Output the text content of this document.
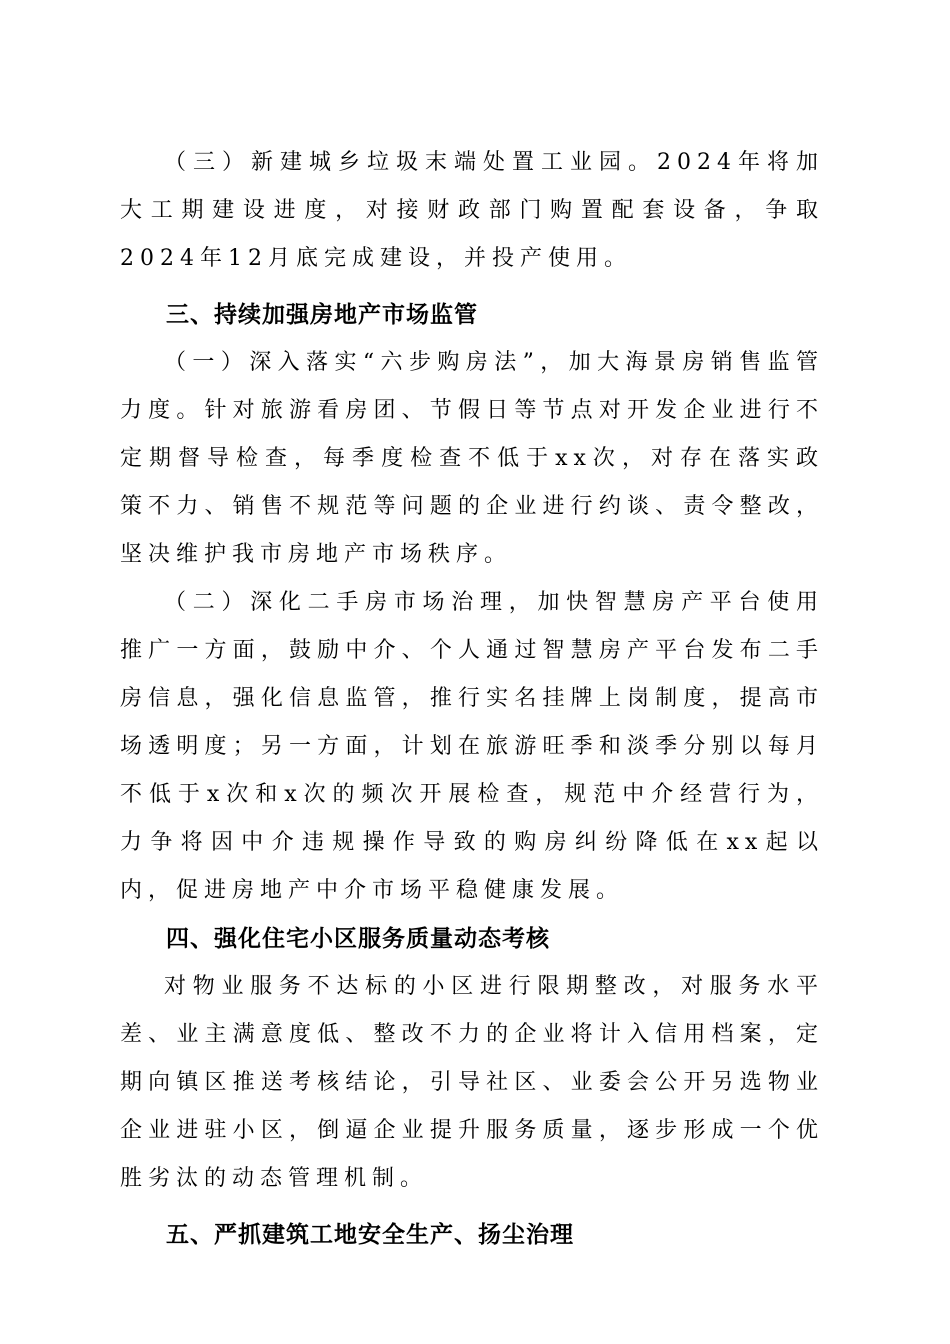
（三）新建城乡垃圾末端处置工业园。2024年将加大工期建设进度，对接财政部门购置配套设备，争取2024年12月底完成建设，并投产使用。

三、持续加强房地产市场监管

（一）深入落实“六步购房法”，加大海景房销售监管力度。针对旅游看房团、节假日等节点对开发企业进行不定期督导检查，每季度检查不低于xx次，对存在落实政策不力、销售不规范等问题的企业进行约谈、责令整改，坚决维护我市房地产市场秩序。

（二）深化二手房市场治理，加快智慧房产平台使用推广一方面，鼓励中介、个人通过智慧房产平台发布二手房信息，强化信息监管，推行实名挂牌上岗制度，提高市场透明度；另一方面，计划在旅游旺季和淡季分别以每月不低于x次和x次的频次开展检查，规范中介经营行为，力争将因中介违规操作导致的购房纠纷降低在xx起以内，促进房地产中介市场平稳健康发展。

四、强化住宅小区服务质量动态考核

对物业服务不达标的小区进行限期整改，对服务水平差、业主满意度低、整改不力的企业将计入信用档案，定期向镇区推送考核结论，引导社区、业委会公开另选物业企业进驻小区，倒逼企业提升服务质量，逐步形成一个优胜劣汰的动态管理机制。

五、严抓建筑工地安全生产、扬尘治理
